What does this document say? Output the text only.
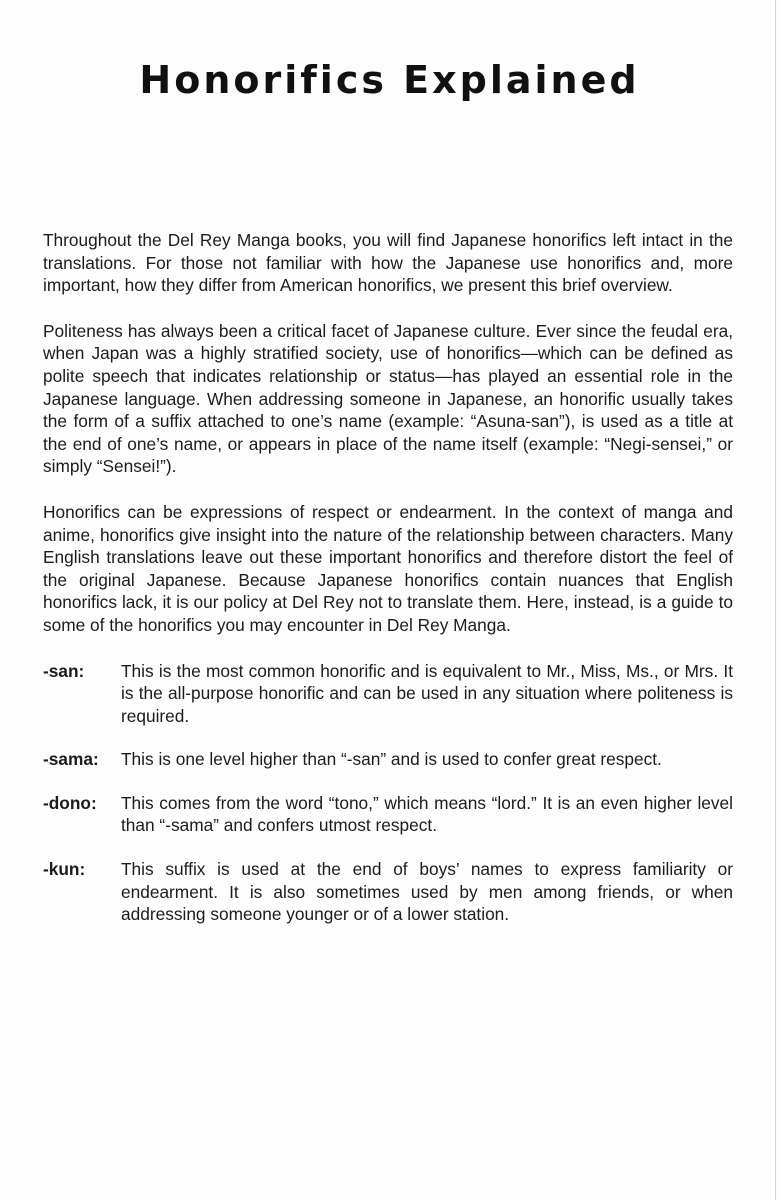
Honorifics Explained

Throughout the Del Rey Manga books, you will find Japanese honorifics left intact in the translations. For those not familiar with how the Japanese use honorifics and, more important, how they differ from American honorifics, we present this brief overview.

Politeness has always been a critical facet of Japanese culture. Ever since the feudal era, when Japan was a highly stratified society, use of honorifics—which can be defined as polite speech that indicates relationship or status—has played an essential role in the Japanese language. When addressing someone in Japanese, an honorific usually takes the form of a suffix attached to one’s name (example: “Asuna-san”), is used as a title at the end of one’s name, or appears in place of the name itself (example: “Negi-sensei,” or simply “Sensei!”).

Honorifics can be expressions of respect or endearment. In the context of manga and anime, honorifics give insight into the nature of the relationship between characters. Many English translations leave out these important honorifics and therefore distort the feel of the original Japanese. Because Japanese honorifics contain nuances that English honorifics lack, it is our policy at Del Rey not to translate them. Here, instead, is a guide to some of the honorifics you may encounter in Del Rey Manga.

-san:	This is the most common honorific and is equivalent to Mr., Miss, Ms., or Mrs. It is the all-purpose honorific and can be used in any situation where politeness is required.
-sama:	This is one level higher than “-san” and is used to confer great respect.
-dono:	This comes from the word “tono,” which means “lord.” It is an even higher level than “-sama” and confers utmost respect.
-kun:	This suffix is used at the end of boys’ names to express familiarity or endearment. It is also sometimes used by men among friends, or when addressing someone younger or of a lower station.
